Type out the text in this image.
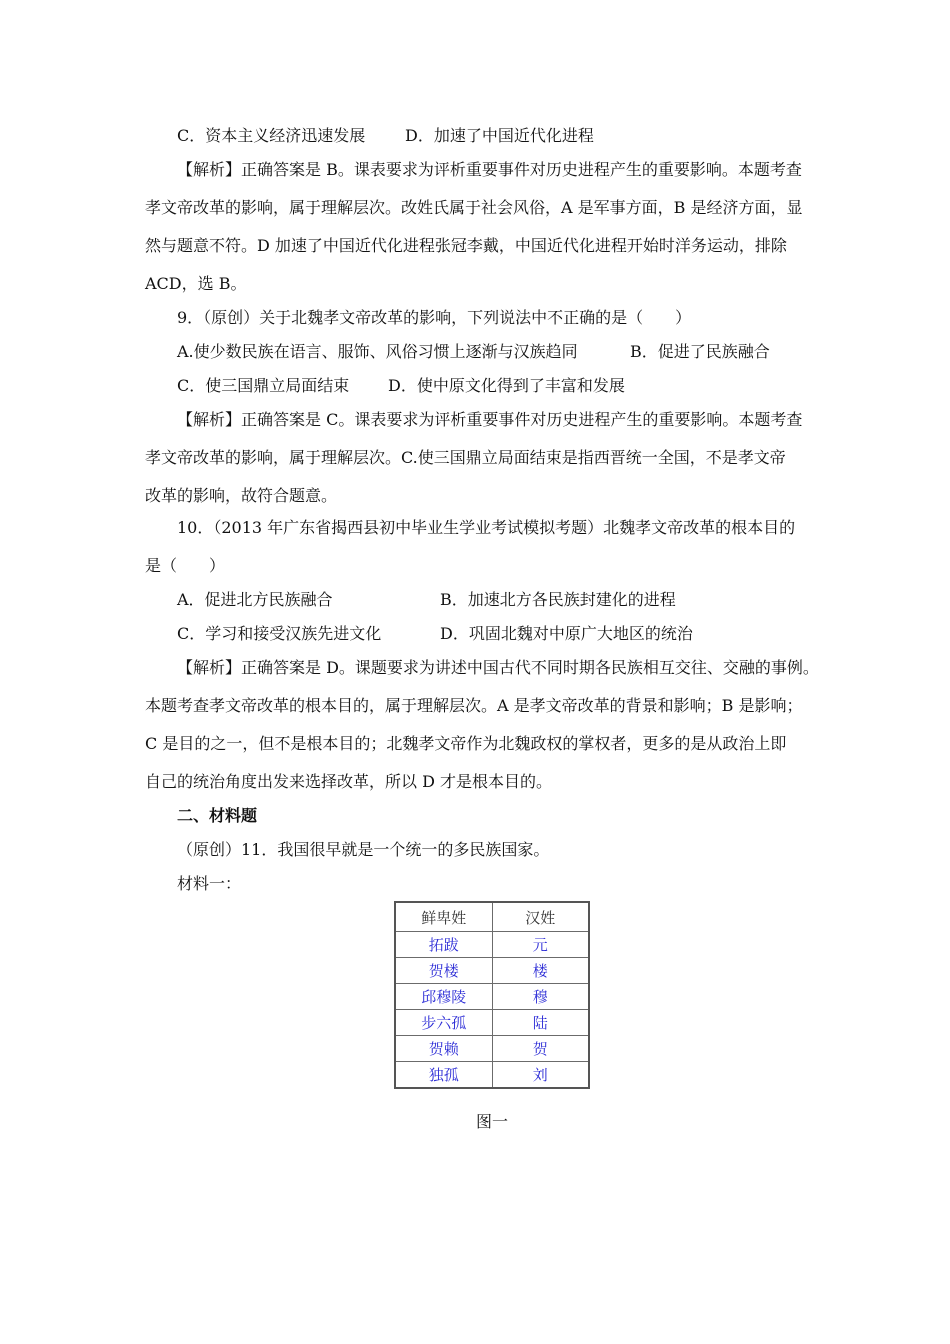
C．资本主义经济迅速发展 D．加速了中国近代化进程
【解析】正确答案是 B。课表要求为评析重要事件对历史进程产生的重要影响。本题考查
孝文帝改革的影响，属于理解层次。改姓氏属于社会风俗，A 是军事方面，B 是经济方面，显
然与题意不符。D 加速了中国近代化进程张冠李戴，中国近代化进程开始时洋务运动，排除
ACD，选 B。
9．（原创）关于北魏孝文帝改革的影响，下列说法中不正确的是（　　）
A.使少数民族在语言、服饰、风俗习惯上逐渐与汉族趋同	B．促进了民族融合
C．使三国鼎立局面结束 D．使中原文化得到了丰富和发展
【解析】正确答案是 C。课表要求为评析重要事件对历史进程产生的重要影响。本题考查
孝文帝改革的影响，属于理解层次。C.使三国鼎立局面结束是指西晋统一全国，不是孝文帝
改革的影响，故符合题意。
10．（2013 年广东省揭西县初中毕业生学业考试模拟考题）北魏孝文帝改革的根本目的
是（　　）
A．促进北方民族融合	B．加速北方各民族封建化的进程
C．学习和接受汉族先进文化	D．巩固北魏对中原广大地区的统治
【解析】正确答案是 D。课题要求为讲述中国古代不同时期各民族相互交往、交融的事例。
本题考查孝文帝改革的根本目的，属于理解层次。A 是孝文帝改革的背景和影响；B 是影响；
C 是目的之一，但不是根本目的；北魏孝文帝作为北魏政权的掌权者，更多的是从政治上即
自己的统治角度出发来选择改革，所以 D 才是根本目的。
二、材料题
（原创）11．我国很早就是一个统一的多民族国家。
材料一：
鲜卑姓	汉姓
拓跋	元
贺楼	楼
邱穆陵	穆
步六孤	陆
贺赖	贺
独孤	刘
图一
